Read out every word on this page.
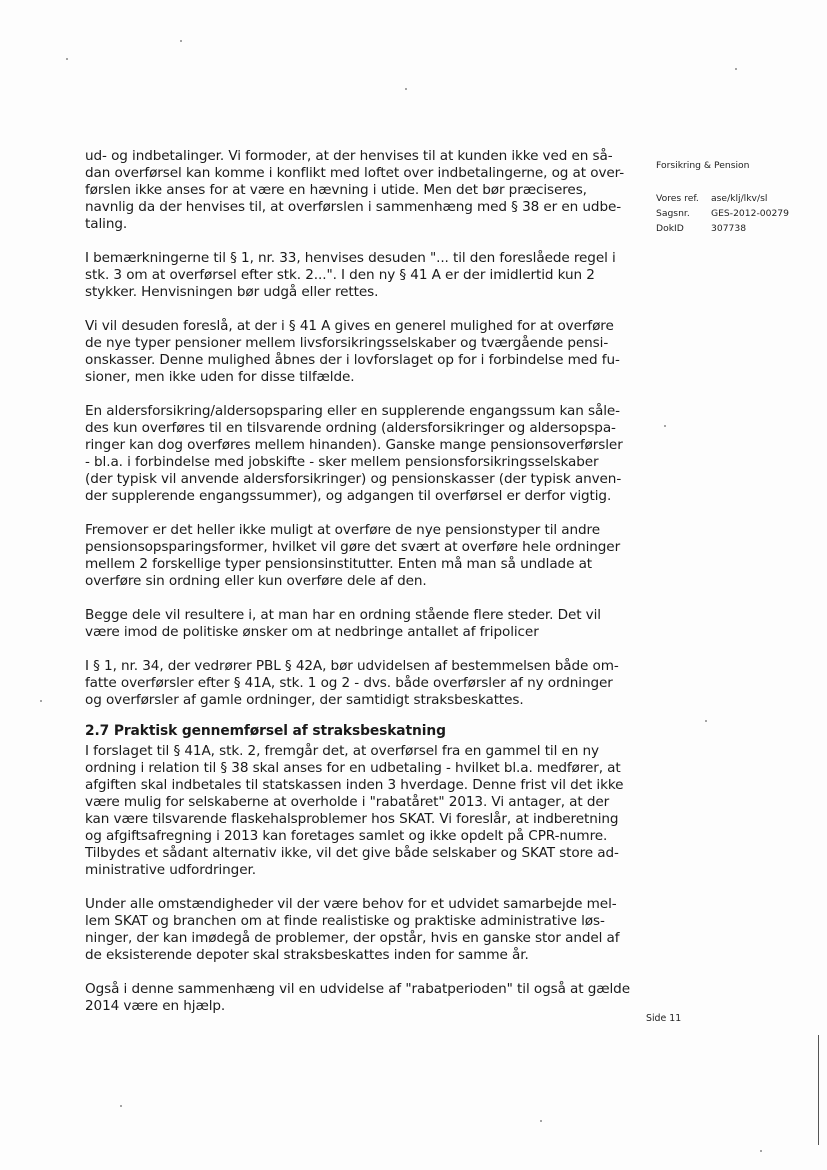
ud- og indbetalinger. Vi formoder, at der henvises til at kunden ikke ved en så-

dan overførsel kan komme i konflikt med loftet over indbetalingerne, og at over-

førslen ikke anses for at være en hævning i utide. Men det bør præciseres,

navnlig da der henvises til, at overførslen i sammenhæng med § 38 er en udbe-

taling.

I bemærkningerne til § 1, nr. 33, henvises desuden "... til den foreslåede regel i

stk. 3 om at overførsel efter stk. 2...". I den ny § 41 A er der imidlertid kun 2

stykker. Henvisningen bør udgå eller rettes.

Vi vil desuden foreslå, at der i § 41 A gives en generel mulighed for at overføre

de nye typer pensioner mellem livsforsikringsselskaber og tværgående pensi-

onskasser. Denne mulighed åbnes der i lovforslaget op for i forbindelse med fu-

sioner, men ikke uden for disse tilfælde.

En aldersforsikring/aldersopsparing eller en supplerende engangssum kan såle-

des kun overføres til en tilsvarende ordning (aldersforsikringer og aldersopspa-

ringer kan dog overføres mellem hinanden). Ganske mange pensionsoverførsler

- bl.a. i forbindelse med jobskifte - sker mellem pensionsforsikringsselskaber

(der typisk vil anvende aldersforsikringer) og pensionskasser (der typisk anven-

der supplerende engangssummer), og adgangen til overførsel er derfor vigtig.

Fremover er det heller ikke muligt at overføre de nye pensionstyper til andre

pensionsopsparingsformer, hvilket vil gøre det svært at overføre hele ordninger

mellem 2 forskellige typer pensionsinstitutter. Enten må man så undlade at

overføre sin ordning eller kun overføre dele af den.

Begge dele vil resultere i, at man har en ordning stående flere steder. Det vil

være imod de politiske ønsker om at nedbringe antallet af fripolicer

I § 1, nr. 34, der vedrører PBL § 42A, bør udvidelsen af bestemmelsen både om-

fatte overførsler efter § 41A, stk. 1 og 2 - dvs. både overførsler af ny ordninger

og overførsler af gamle ordninger, der samtidigt straksbeskattes.

2.7 Praktisk gennemførsel af straksbeskatning

I forslaget til § 41A, stk. 2, fremgår det, at overførsel fra en gammel til en ny

ordning i relation til § 38 skal anses for en udbetaling - hvilket bl.a. medfører, at

afgiften skal indbetales til statskassen inden 3 hverdage. Denne frist vil det ikke

være mulig for selskaberne at overholde i "rabatåret" 2013. Vi antager, at der

kan være tilsvarende flaskehalsproblemer hos SKAT. Vi foreslår, at indberetning

og afgiftsafregning i 2013 kan foretages samlet og ikke opdelt på CPR-numre.

Tilbydes et sådant alternativ ikke, vil det give både selskaber og SKAT store ad-

ministrative udfordringer.

Under alle omstændigheder vil der være behov for et udvidet samarbejde mel-

lem SKAT og branchen om at finde realistiske og praktiske administrative løs-

ninger, der kan imødegå de problemer, der opstår, hvis en ganske stor andel af

de eksisterende depoter skal straksbeskattes inden for samme år.

Også i denne sammenhæng vil en udvidelse af "rabatperioden" til også at gælde

2014 være en hjælp.

Forsikring & Pension
Vores ref.	ase/klj/lkv/sl
Sagsnr.	GES-2012-00279
DokID	307738
Side 11
